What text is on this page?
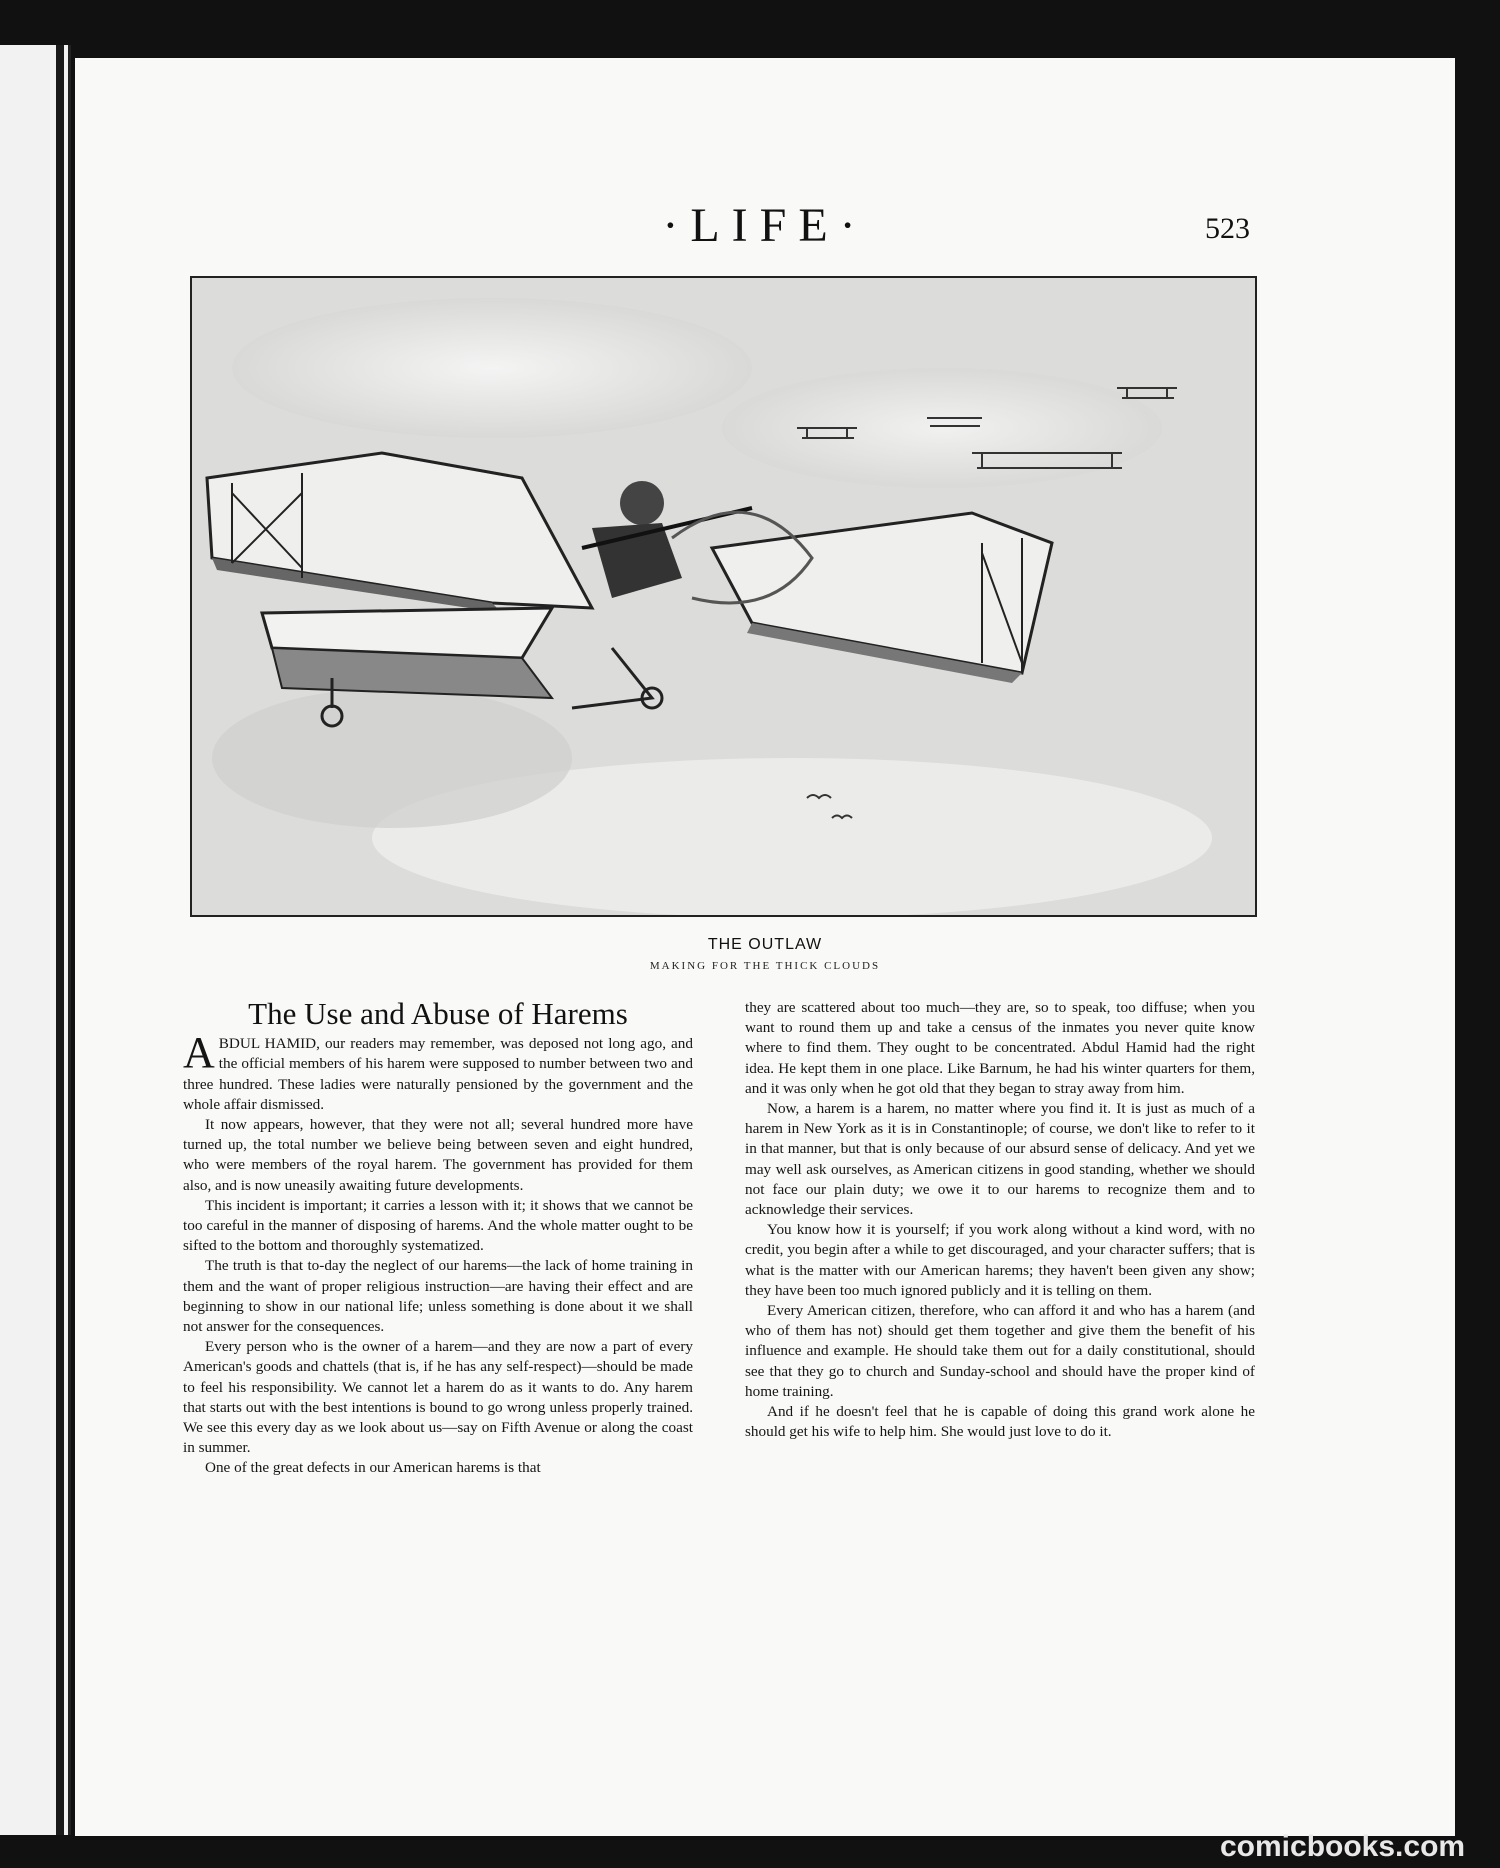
·LIFE·	523
THE OUTLAW
MAKING FOR THE THICK CLOUDS
The Use and Abuse of Harems

ABDUL HAMID, our readers may remember, was deposed not long ago, and the official members of his harem were supposed to number between two and three hundred. These ladies were naturally pensioned by the government and the whole affair dismissed.

It now appears, however, that they were not all; several hundred more have turned up, the total number we believe being between seven and eight hundred, who were members of the royal harem. The government has provided for them also, and is now uneasily awaiting future developments.

This incident is important; it carries a lesson with it; it shows that we cannot be too careful in the manner of disposing of harems. And the whole matter ought to be sifted to the bottom and thoroughly systematized.

The truth is that to-day the neglect of our harems—the lack of home training in them and the want of proper religious instruction—are having their effect and are beginning to show in our national life; unless something is done about it we shall not answer for the consequences.

Every person who is the owner of a harem—and they are now a part of every American's goods and chattels (that is, if he has any self-respect)—should be made to feel his responsibility. We cannot let a harem do as it wants to do. Any harem that starts out with the best intentions is bound to go wrong unless properly trained. We see this every day as we look about us—say on Fifth Avenue or along the coast in summer.

One of the great defects in our American harems is that

they are scattered about too much—they are, so to speak, too diffuse; when you want to round them up and take a census of the inmates you never quite know where to find them. They ought to be concentrated. Abdul Hamid had the right idea. He kept them in one place. Like Barnum, he had his winter quarters for them, and it was only when he got old that they began to stray away from him.

Now, a harem is a harem, no matter where you find it. It is just as much of a harem in New York as it is in Constantinople; of course, we don't like to refer to it in that manner, but that is only because of our absurd sense of delicacy. And yet we may well ask ourselves, as American citizens in good standing, whether we should not face our plain duty; we owe it to our harems to recognize them and to acknowledge their services.

You know how it is yourself; if you work along without a kind word, with no credit, you begin after a while to get discouraged, and your character suffers; that is what is the matter with our American harems; they haven't been given any show; they have been too much ignored publicly and it is telling on them.

Every American citizen, therefore, who can afford it and who has a harem (and who of them has not) should get them together and give them the benefit of his influence and example. He should take them out for a daily constitutional, should see that they go to church and Sunday-school and should have the proper kind of home training.

And if he doesn't feel that he is capable of doing this grand work alone he should get his wife to help him. She would just love to do it.

comicbooks.com
